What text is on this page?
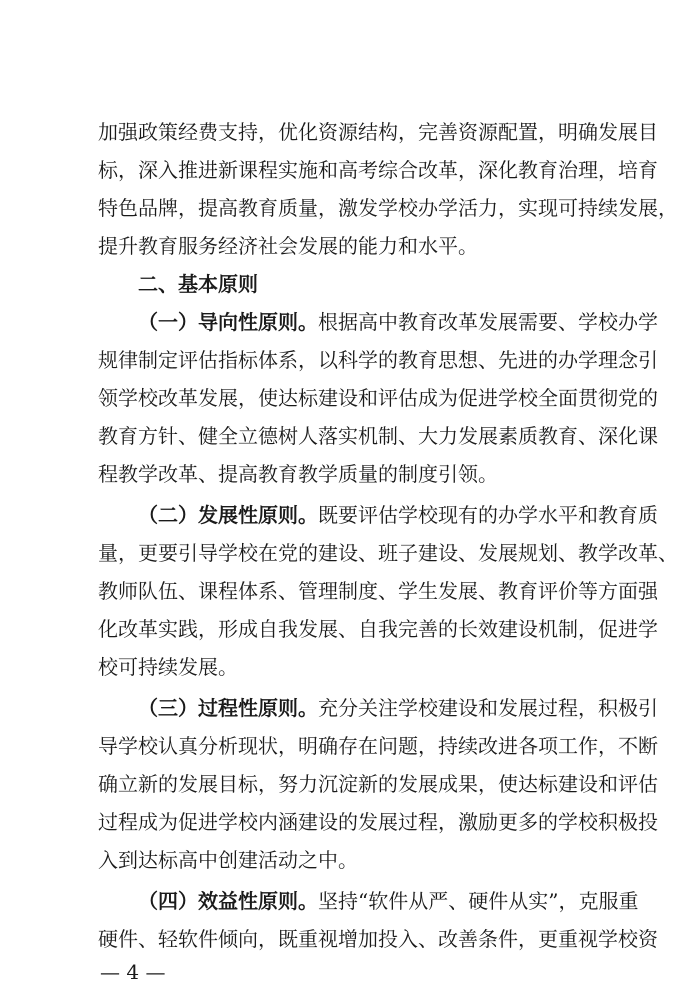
加强政策经费支持，优化资源结构，完善资源配置，明确发展目
标，深入推进新课程实施和高考综合改革，深化教育治理，培育
特色品牌，提高教育质量，激发学校办学活力，实现可持续发展，
提升教育服务经济社会发展的能力和水平。
二、基本原则
（一）导向性原则。根据高中教育改革发展需要、学校办学
规律制定评估指标体系，以科学的教育思想、先进的办学理念引
领学校改革发展，使达标建设和评估成为促进学校全面贯彻党的
教育方针、健全立德树人落实机制、大力发展素质教育、深化课
程教学改革、提高教育教学质量的制度引领。
（二）发展性原则。既要评估学校现有的办学水平和教育质
量，更要引导学校在党的建设、班子建设、发展规划、教学改革、
教师队伍、课程体系、管理制度、学生发展、教育评价等方面强
化改革实践，形成自我发展、自我完善的长效建设机制，促进学
校可持续发展。
（三）过程性原则。充分关注学校建设和发展过程，积极引
导学校认真分析现状，明确存在问题，持续改进各项工作，不断
确立新的发展目标，努力沉淀新的发展成果，使达标建设和评估
过程成为促进学校内涵建设的发展过程，激励更多的学校积极投
入到达标高中创建活动之中。
（四）效益性原则。坚持“软件从严、硬件从实”，克服重
硬件、轻软件倾向，既重视增加投入、改善条件，更重视学校资
— 4 —
